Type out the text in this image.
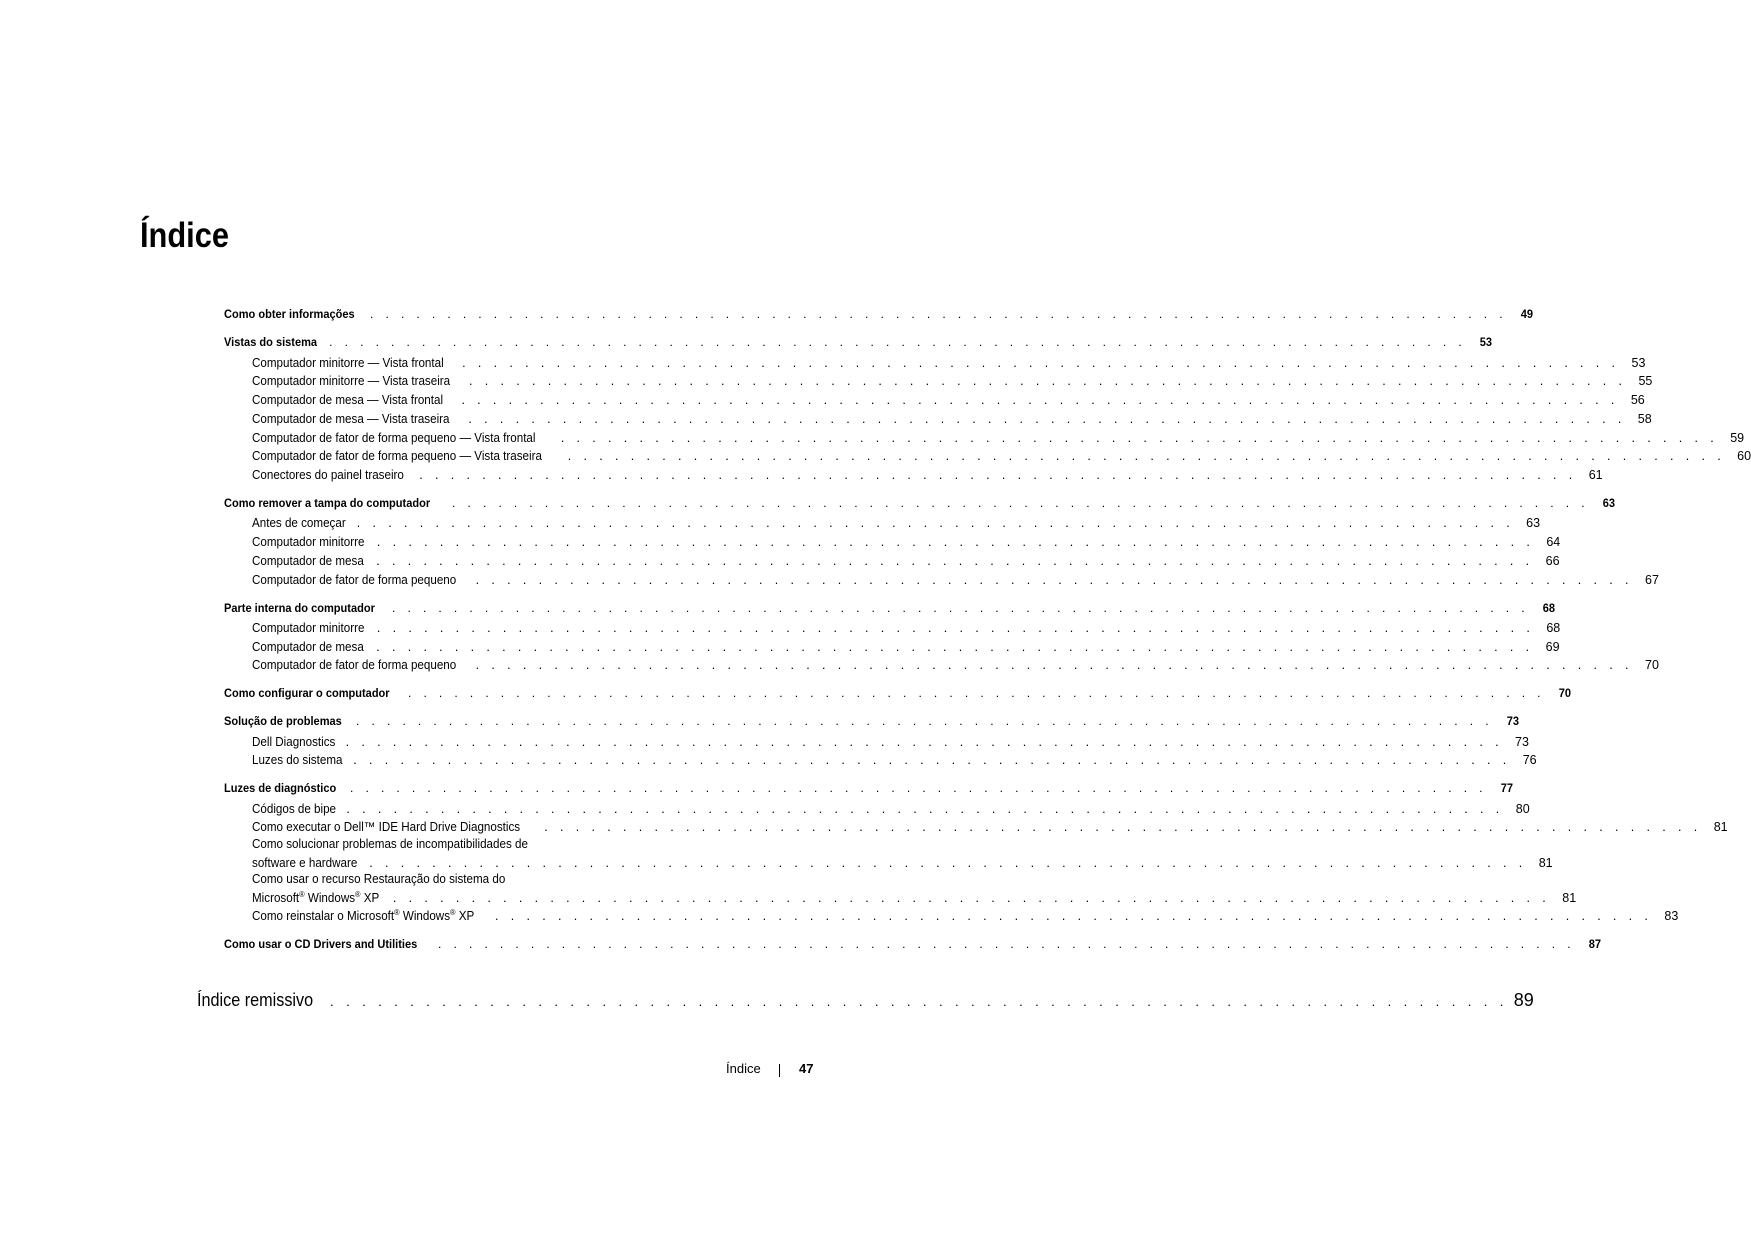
Índice
Como obter informações	. . . . . . . . . . . . . . . . . . . . . . . . . . . . . . . . . . . . . . . . . . . . . . . . . . . . . . . . . . . . . . . . . . . . . . . . . .	49
Vistas do sistema	. . . . . . . . . . . . . . . . . . . . . . . . . . . . . . . . . . . . . . . . . . . . . . . . . . . . . . . . . . . . . . . . . . . . . . . . . .	53
Computador minitorre — Vista frontal . . . . . . . . . . . . . . . . . . . . . . . . . . . . . . . . . . . . . . . . . . . . . . . . . . . . . . . . . . . . . . . . . . . . . . . . . . 53
Computador minitorre — Vista traseira . . . . . . . . . . . . . . . . . . . . . . . . . . . . . . . . . . . . . . . . . . . . . . . . . . . . . . . . . . . . . . . . . . . . . . . . . . 55
Computador de mesa — Vista frontal . . . . . . . . . . . . . . . . . . . . . . . . . . . . . . . . . . . . . . . . . . . . . . . . . . . . . . . . . . . . . . . . . . . . . . . . . . 56
Computador de mesa — Vista traseira . . . . . . . . . . . . . . . . . . . . . . . . . . . . . . . . . . . . . . . . . . . . . . . . . . . . . . . . . . . . . . . . . . . . . . . . . . 58
Computador de fator de forma pequeno — Vista frontal . . . . . . . . . . . . . . . . . . . . . . . . . . . . . . . . . . . . . . . . . . . . . . . . . . . . . . . . . . . . . . . . . . . . . . . . . . 59
Computador de fator de forma pequeno — Vista traseira . . . . . . . . . . . . . . . . . . . . . . . . . . . . . . . . . . . . . . . . . . . . . . . . . . . . . . . . . . . . . . . . . . . . . . . . . . 60
Conectores do painel traseiro . . . . . . . . . . . . . . . . . . . . . . . . . . . . . . . . . . . . . . . . . . . . . . . . . . . . . . . . . . . . . . . . . . . . . . . . . . 61
Como remover a tampa do computador	. . . . . . . . . . . . . . . . . . . . . . . . . . . . . . . . . . . . . . . . . . . . . . . . . . . . . . . . . . . . . . . . . . . . . . . . . .	63
Antes de começar . . . . . . . . . . . . . . . . . . . . . . . . . . . . . . . . . . . . . . . . . . . . . . . . . . . . . . . . . . . . . . . . . . . . . . . . . . 63
Computador minitorre . . . . . . . . . . . . . . . . . . . . . . . . . . . . . . . . . . . . . . . . . . . . . . . . . . . . . . . . . . . . . . . . . . . . . . . . . . 64
Computador de mesa . . . . . . . . . . . . . . . . . . . . . . . . . . . . . . . . . . . . . . . . . . . . . . . . . . . . . . . . . . . . . . . . . . . . . . . . . . 66
Computador de fator de forma pequeno . . . . . . . . . . . . . . . . . . . . . . . . . . . . . . . . . . . . . . . . . . . . . . . . . . . . . . . . . . . . . . . . . . . . . . . . . . 67
Parte interna do computador	. . . . . . . . . . . . . . . . . . . . . . . . . . . . . . . . . . . . . . . . . . . . . . . . . . . . . . . . . . . . . . . . . . . . . . . . . .	68
Computador minitorre . . . . . . . . . . . . . . . . . . . . . . . . . . . . . . . . . . . . . . . . . . . . . . . . . . . . . . . . . . . . . . . . . . . . . . . . . . 68
Computador de mesa . . . . . . . . . . . . . . . . . . . . . . . . . . . . . . . . . . . . . . . . . . . . . . . . . . . . . . . . . . . . . . . . . . . . . . . . . . 69
Computador de fator de forma pequeno . . . . . . . . . . . . . . . . . . . . . . . . . . . . . . . . . . . . . . . . . . . . . . . . . . . . . . . . . . . . . . . . . . . . . . . . . . 70
Como configurar o computador	. . . . . . . . . . . . . . . . . . . . . . . . . . . . . . . . . . . . . . . . . . . . . . . . . . . . . . . . . . . . . . . . . . . . . . . . . .	70
Solução de problemas	. . . . . . . . . . . . . . . . . . . . . . . . . . . . . . . . . . . . . . . . . . . . . . . . . . . . . . . . . . . . . . . . . . . . . . . . . .	73
Dell Diagnostics . . . . . . . . . . . . . . . . . . . . . . . . . . . . . . . . . . . . . . . . . . . . . . . . . . . . . . . . . . . . . . . . . . . . . . . . . . 73
Luzes do sistema . . . . . . . . . . . . . . . . . . . . . . . . . . . . . . . . . . . . . . . . . . . . . . . . . . . . . . . . . . . . . . . . . . . . . . . . . . 76
Luzes de diagnóstico	. . . . . . . . . . . . . . . . . . . . . . . . . . . . . . . . . . . . . . . . . . . . . . . . . . . . . . . . . . . . . . . . . . . . . . . . . .	77
Códigos de bipe . . . . . . . . . . . . . . . . . . . . . . . . . . . . . . . . . . . . . . . . . . . . . . . . . . . . . . . . . . . . . . . . . . . . . . . . . . 80
Como executar o Dell™ IDE Hard Drive Diagnostics . . . . . . . . . . . . . . . . . . . . . . . . . . . . . . . . . . . . . . . . . . . . . . . . . . . . . . . . . . . . . . . . . . . . . . . . . . 81
Como solucionar problemas de incompatibilidades de
software e hardware . . . . . . . . . . . . . . . . . . . . . . . . . . . . . . . . . . . . . . . . . . . . . . . . . . . . . . . . . . . . . . . . . . . . . . . . . . 81
Como usar o recurso Restauração do sistema do
Microsoft® Windows® XP . . . . . . . . . . . . . . . . . . . . . . . . . . . . . . . . . . . . . . . . . . . . . . . . . . . . . . . . . . . . . . . . . . . . . . . . . . 81
Como reinstalar o Microsoft® Windows® XP . . . . . . . . . . . . . . . . . . . . . . . . . . . . . . . . . . . . . . . . . . . . . . . . . . . . . . . . . . . . . . . . . . . . . . . . . . 83
Como usar o CD Drivers and Utilities	. . . . . . . . . . . . . . . . . . . . . . . . . . . . . . . . . . . . . . . . . . . . . . . . . . . . . . . . . . . . . . . . . . . . . . . . . .	87
Índice remissivo . . . . . . . . . . . . . . . . . . . . . . . . . . . . . . . . . . . . . . . . . . . . . . . . . . . . . . . . . . . . . . . . . . . . . . . . . . 89
Índice	47
